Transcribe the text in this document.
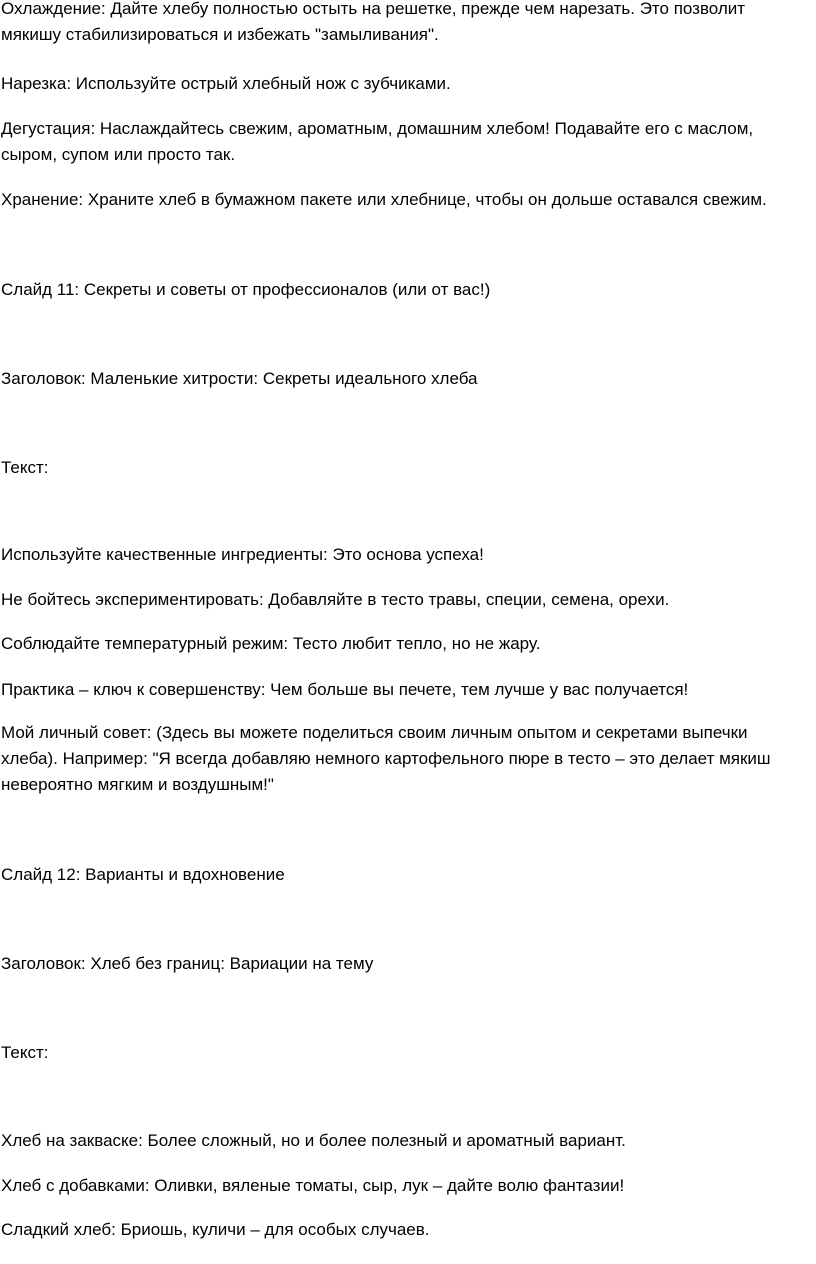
Охлаждение: Дайте хлебу полностью остыть на решетке, прежде чем нарезать. Это позволит мякишу стабилизироваться и избежать "замыливания".

Нарезка: Используйте острый хлебный нож с зубчиками.

Дегустация: Наслаждайтесь свежим, ароматным, домашним хлебом! Подавайте его с маслом, сыром, супом или просто так.

Хранение: Храните хлеб в бумажном пакете или хлебнице, чтобы он дольше оставался свежим.

Слайд 11: Секреты и советы от профессионалов (или от вас!)

Заголовок: Маленькие хитрости: Секреты идеального хлеба

Текст:

Используйте качественные ингредиенты: Это основа успеха!

Не бойтесь экспериментировать: Добавляйте в тесто травы, специи, семена, орехи.

Соблюдайте температурный режим: Тесто любит тепло, но не жару.

Практика – ключ к совершенству: Чем больше вы печете, тем лучше у вас получается!

Мой личный совет: (Здесь вы можете поделиться своим личным опытом и секретами выпечки хлеба). Например: "Я всегда добавляю немного картофельного пюре в тесто – это делает мякиш невероятно мягким и воздушным!"

Слайд 12: Варианты и вдохновение

Заголовок: Хлеб без границ: Вариации на тему

Текст:

Хлеб на закваске: Более сложный, но и более полезный и ароматный вариант.

Хлеб с добавками: Оливки, вяленые томаты, сыр, лук – дайте волю фантазии!

Сладкий хлеб: Бриошь, куличи – для особых случаев.
